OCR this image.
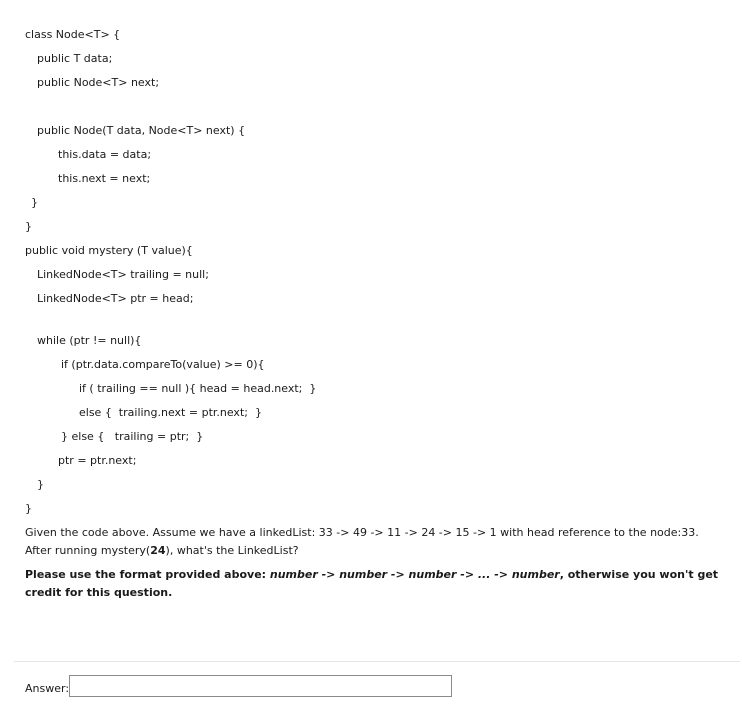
class Node<T> {
public T data;
public Node<T> next;
public Node(T data, Node<T> next) {
this.data = data;
this.next = next;
}
}
public void mystery (T value){
LinkedNode<T> trailing = null;
LinkedNode<T> ptr = head;
while (ptr != null){
if (ptr.data.compareTo(value) >= 0){
if ( trailing == null ){ head = head.next;  }
else {  trailing.next = ptr.next;  }
} else {   trailing = ptr;  }
ptr = ptr.next;
}
}
Given the code above. Assume we have a linkedList: 33 -> 49 -> 11 -> 24 -> 15 -> 1 with head reference to the node:33. After running mystery(24), what's the LinkedList?
Please use the format provided above: number -> number -> number -> ... -> number, otherwise you won't get credit for this question.
Answer:
